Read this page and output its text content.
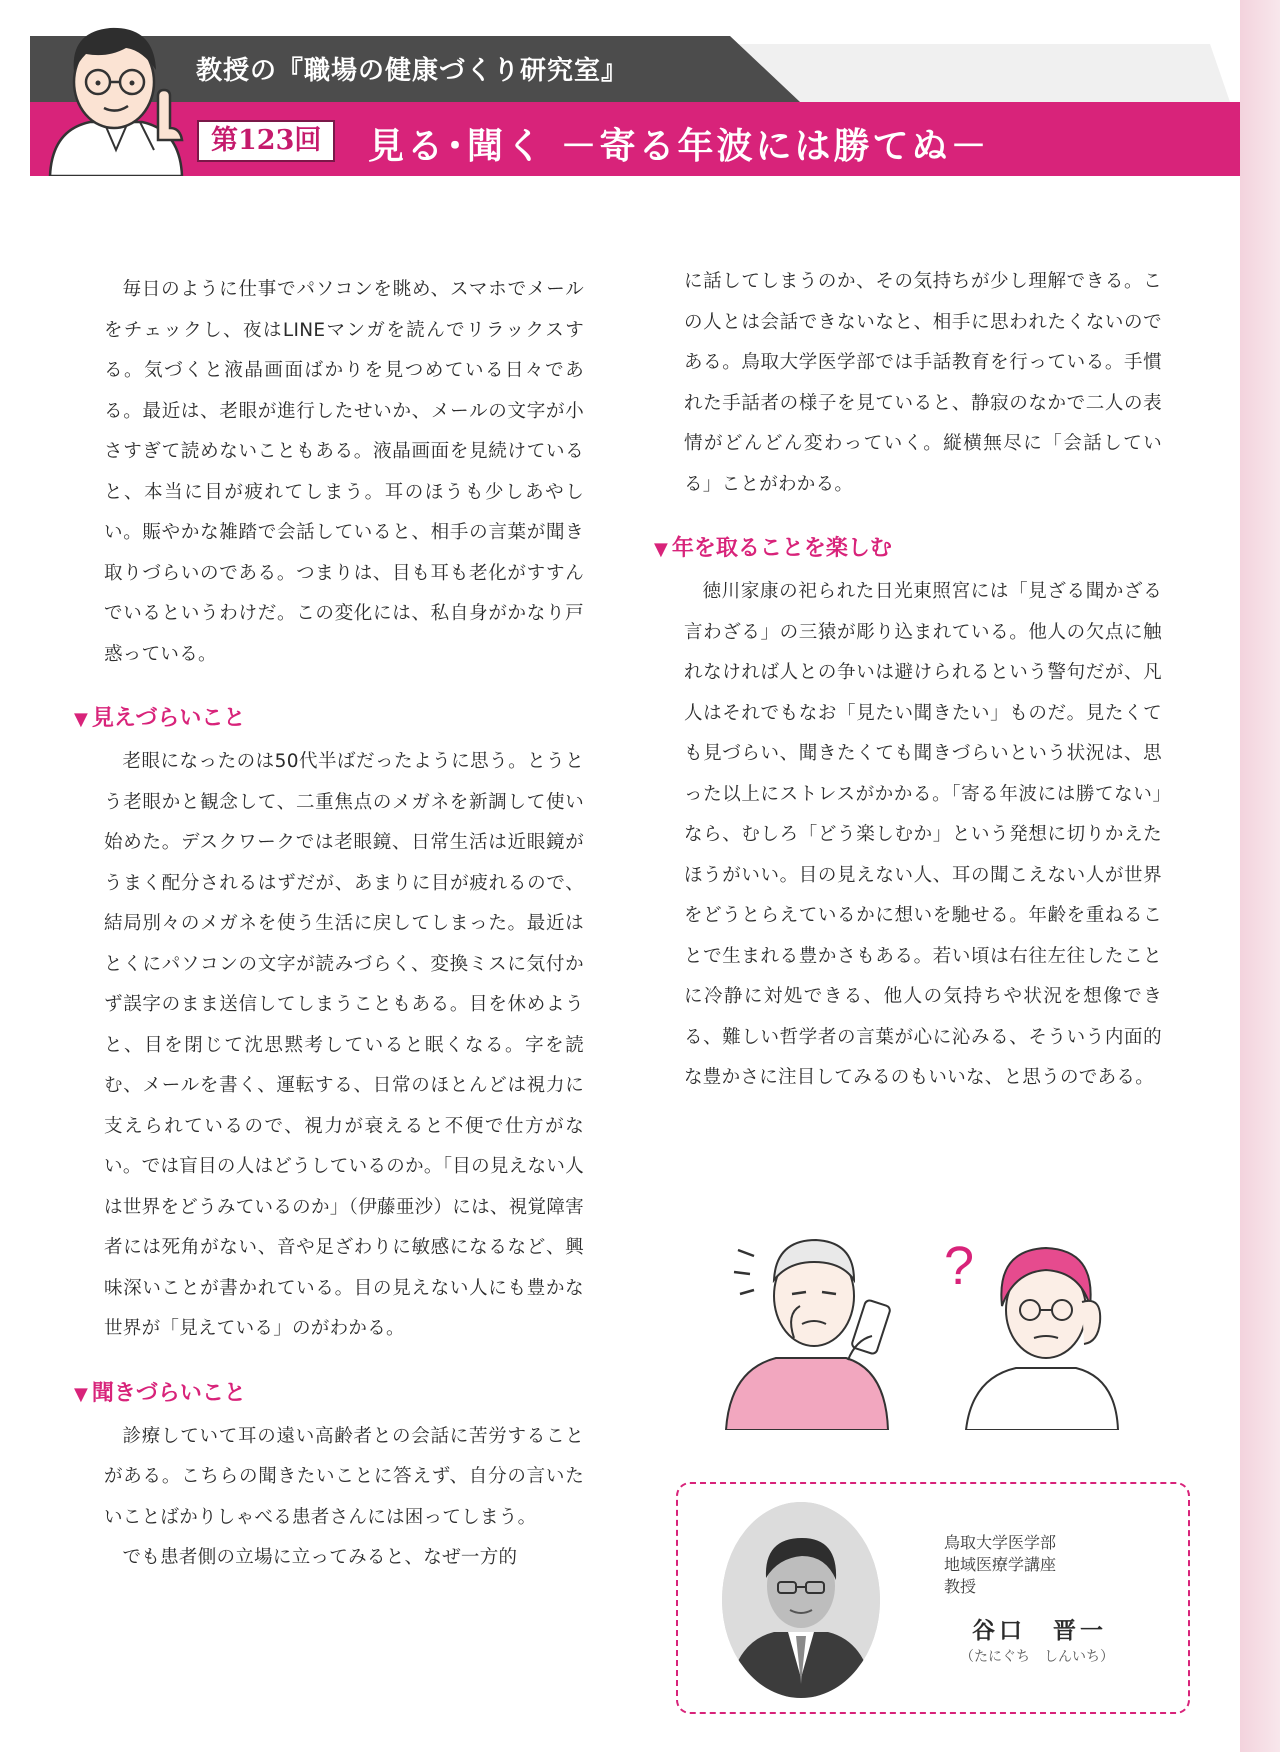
教授の『職場の健康づくり研究室』
第123回	見る･聞く －寄る年波には勝てぬ－

毎日のように仕事でパソコンを眺め、スマホでメールをチェックし、夜はLINEマンガを読んでリラックスする。気づくと液晶画面ばかりを見つめている日々である。最近は、老眼が進行したせいか、メールの文字が小さすぎて読めないこともある。液晶画面を見続けていると、本当に目が疲れてしまう。耳のほうも少しあやしい。賑やかな雑踏で会話していると、相手の言葉が聞き取りづらいのである。つまりは、目も耳も老化がすすんでいるというわけだ。この変化には、私自身がかなり戸惑っている。

▼ 見えづらいこと

老眼になったのは50代半ばだったように思う。とうとう老眼かと観念して、二重焦点のメガネを新調して使い始めた。デスクワークでは老眼鏡、日常生活は近眼鏡がうまく配分されるはずだが、あまりに目が疲れるので、結局別々のメガネを使う生活に戻してしまった。最近はとくにパソコンの文字が読みづらく、変換ミスに気付かず誤字のまま送信してしまうこともある。目を休めようと、目を閉じて沈思黙考していると眠くなる。字を読む、メールを書く、運転する、日常のほとんどは視力に支えられているので、視力が衰えると不便で仕方がない。では盲目の人はどうしているのか。「目の見えない人は世界をどうみているのか」（伊藤亜沙）には、視覚障害者には死角がない、音や足ざわりに敏感になるなど、興味深いことが書かれている。目の見えない人にも豊かな世界が「見えている」のがわかる。

▼ 聞きづらいこと

診療していて耳の遠い高齢者との会話に苦労することがある。こちらの聞きたいことに答えず、自分の言いたいことばかりしゃべる患者さんには困ってしまう。

でも患者側の立場に立ってみると、なぜ一方的

に話してしまうのか、その気持ちが少し理解できる。この人とは会話できないなと、相手に思われたくないのである。鳥取大学医学部では手話教育を行っている。手慣れた手話者の様子を見ていると、静寂のなかで二人の表情がどんどん変わっていく。縦横無尽に「会話している」ことがわかる。

▼ 年を取ることを楽しむ

徳川家康の祀られた日光東照宮には「見ざる聞かざる言わざる」の三猿が彫り込まれている。他人の欠点に触れなければ人との争いは避けられるという警句だが、凡人はそれでもなお「見たい聞きたい」ものだ。見たくても見づらい、聞きたくても聞きづらいという状況は、思った以上にストレスがかかる。「寄る年波には勝てない」なら、むしろ「どう楽しむか」という発想に切りかえたほうがいい。目の見えない人、耳の聞こえない人が世界をどうとらえているかに想いを馳せる。年齢を重ねることで生まれる豊かさもある。若い頃は右往左往したことに冷静に対処できる、他人の気持ちや状況を想像できる、難しい哲学者の言葉が心に沁みる、そういう内面的な豊かさに注目してみるのもいいな、と思うのである。

?
鳥取大学医学部
地域医療学講座
教授
谷口　晋一
（たにぐち　しんいち）
